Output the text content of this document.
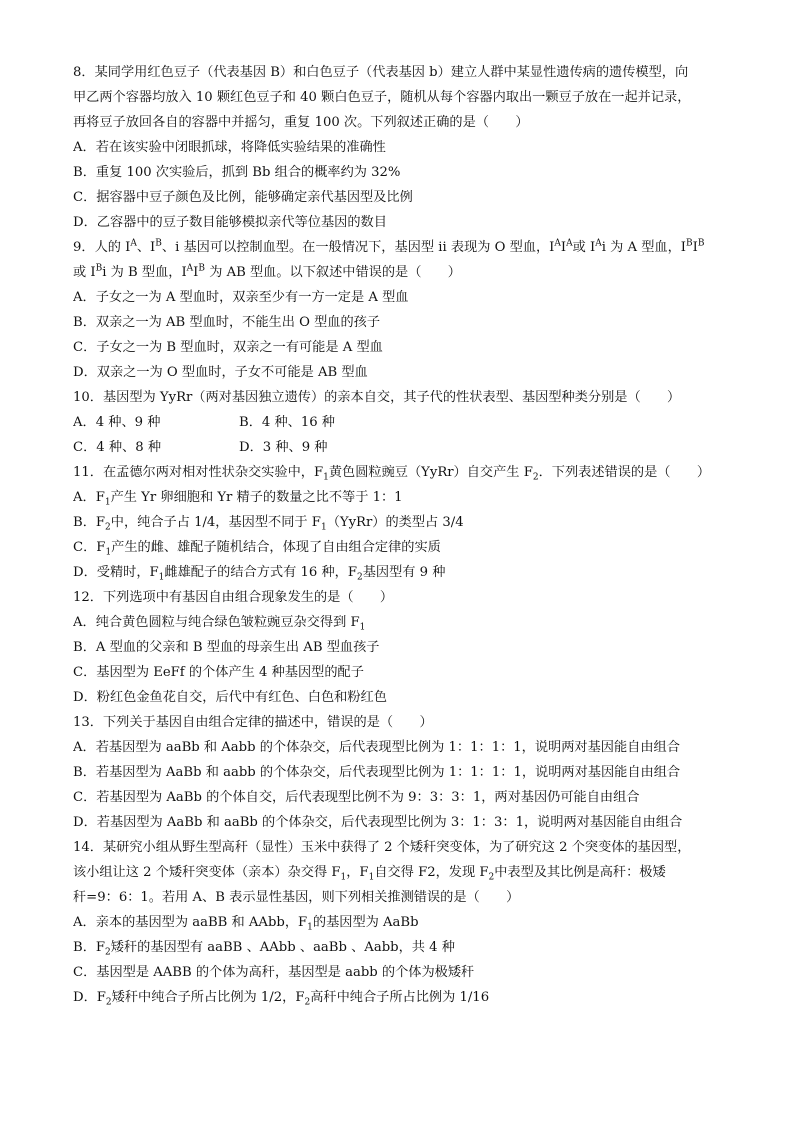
8．某同学用红色豆子（代表基因 B）和白色豆子（代表基因 b）建立人群中某显性遗传病的遗传模型，向
甲乙两个容器均放入 10 颗红色豆子和 40 颗白色豆子，随机从每个容器内取出一颗豆子放在一起并记录，
再将豆子放回各自的容器中并摇匀，重复 100 次。下列叙述正确的是（　　）
A．若在该实验中闭眼抓球，将降低实验结果的准确性
B．重复 100 次实验后，抓到 Bb 组合的概率约为 32%
C．据容器中豆子颜色及比例，能够确定亲代基因型及比例
D．乙容器中的豆子数目能够模拟亲代等位基因的数目
9．人的 $I^A$、$I^B$、i 基因可以控制血型。在一般情况下，基因型 ii 表现为 O 型血，$I^AI^A$或 $I^Ai$ 为 A 型血，$I^BI^B$
或 $I^Bi$ 为 B 型血，$I^AI^B$ 为 AB 型血。以下叙述中错误的是（　　）
A．子女之一为 A 型血时，双亲至少有一方一定是 A 型血
B．双亲之一为 AB 型血时，不能生出 O 型血的孩子
C．子女之一为 B 型血时，双亲之一有可能是 A 型血
D．双亲之一为 O 型血时，子女不可能是 AB 型血
10．基因型为 YyRr（两对基因独立遗传）的亲本自交，其子代的性状表型、基因型种类分别是（　　）
A．4 种、9 种	B．4 种、16 种
C．4 种、8 种	D．3 种、9 种
11．在孟德尔两对相对性状杂交实验中，$F_1$黄色圆粒豌豆（YyRr）自交产生 $F_2$．下列表述错误的是（　　）
A．$F_1$产生 Yr 卵细胞和 Yr 精子的数量之比不等于 1：1
B．$F_2$中，纯合子占 1/4，基因型不同于 $F_1(YyRr)$的类型占 3/4
C．$F_1$产生的雌、雄配子随机结合，体现了自由组合定律的实质
D．受精时，$F_1$雌雄配子的结合方式有 16 种，$F_2$基因型有 9 种
12．下列选项中有基因自由组合现象发生的是（　　）
A．纯合黄色圆粒与纯合绿色皱粒豌豆杂交得到 $F_1$
B．A 型血的父亲和 B 型血的母亲生出 AB 型血孩子
C．基因型为 EeFf 的个体产生 4 种基因型的配子
D．粉红色金鱼花自交，后代中有红色、白色和粉红色
13．下列关于基因自由组合定律的描述中，错误的是（　　）
A．若基因型为 aaBb 和 Aabb 的个体杂交，后代表现型比例为 1：1：1：1，说明两对基因能自由组合
B．若基因型为 AaBb 和 aabb 的个体杂交，后代表现型比例为 1：1：1：1，说明两对基因能自由组合
C．若基因型为 AaBb 的个体自交，后代表现型比例不为 9：3：3：1，两对基因仍可能自由组合
D．若基因型为 AaBb 和 aaBb 的个体杂交，后代表现型比例为 3：1：3：1，说明两对基因能自由组合
14．某研究小组从野生型高秆（显性）玉米中获得了 2 个矮秆突变体，为了研究这 2 个突变体的基因型，
该小组让这 2 个矮秆突变体（亲本）杂交得 $F_1$，$F_1$自交得 F2，发现 $F_2$中表型及其比例是高秆：极矮
秆=9：6：1。若用 A、B 表示显性基因，则下列相关推测错误的是（　　）
A．亲本的基因型为 aaBB 和 AAbb，$F_1$的基因型为 AaBb
B．$F_2$矮秆的基因型有 aaBB 、AAbb 、aaBb 、Aabb，共 4 种
C．基因型是 AABB 的个体为高秆，基因型是 aabb 的个体为极矮秆
D．$F_2$矮秆中纯合子所占比例为 1/2，$F_2$高秆中纯合子所占比例为 1/16
